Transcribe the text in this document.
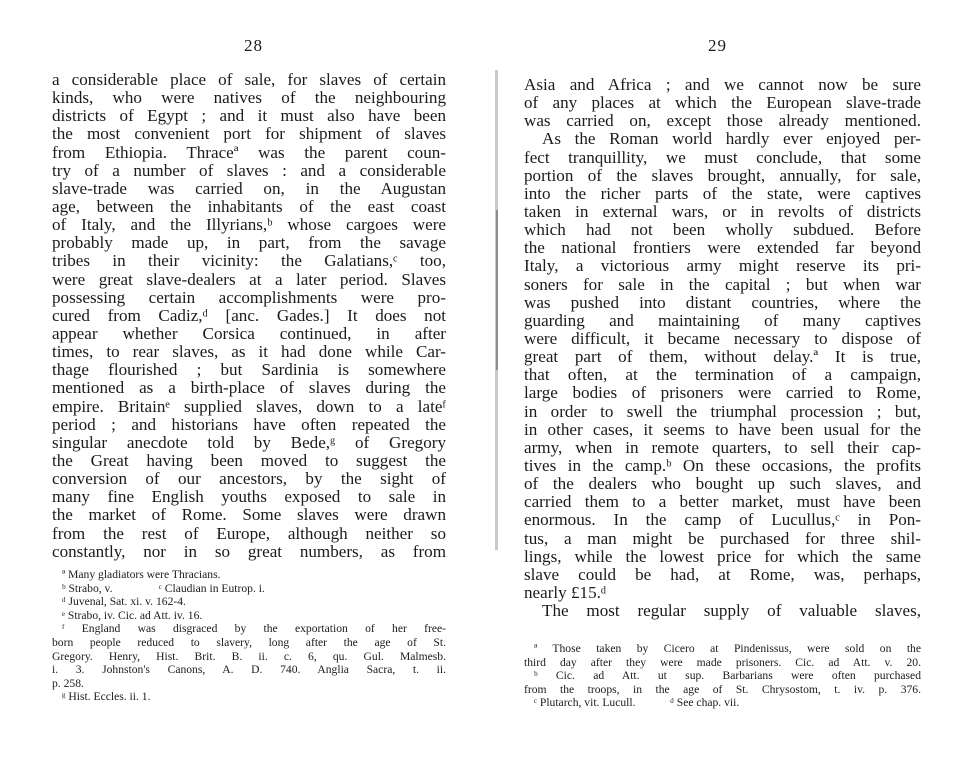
28
a considerable place of sale, for slaves of certain
kinds, who were natives of the neighbouring
districts of Egypt ; and it must also have been
the most convenient port for shipment of slaves
from Ethiopia. Thraceª was the parent coun-
try of a number of slaves : and a considerable
slave-trade was carried on, in the Augustan
age, between the inhabitants of the east coast
of Italy, and the Illyrians,ᵇ whose cargoes were
probably made up, in part, from the savage
tribes in their vicinity: the Galatians,ᶜ too,
were great slave-dealers at a later period. Slaves
possessing certain accomplishments were pro-
cured from Cadiz,ᵈ [anc. Gades.] It does not
appear whether Corsica continued, in after
times, to rear slaves, as it had done while Car-
thage flourished ; but Sardinia is somewhere
mentioned as a birth-place of slaves during the
empire. Britainᵉ supplied slaves, down to a lateᶠ
period ; and historians have often repeated the
singular anecdote told by Bede,ᵍ of Gregory
the Great having been moved to suggest the
conversion of our ancestors, by the sight of
many fine English youths exposed to sale in
the market of Rome. Some slaves were drawn
from the rest of Europe, although neither so
constantly, nor in so great numbers, as from
ª Many gladiators were Thracians.
ᵇ Strabo, v.                ᶜ Claudian in Eutrop. i.
ᵈ Juvenal, Sat. xi. v. 162-4.
ᵉ Strabo, iv. Cic. ad Att. iv. 16.
ᶠ England was disgraced by the exportation of her free-
born people reduced to slavery, long after the age of St.
Gregory. Henry, Hist. Brit. B. ii. c. 6, qu. Gul. Malmesb.
i. 3. Johnston's Canons, A. D. 740. Anglia Sacra, t. ii.
p. 258.
ᵍ Hist. Eccles. ii. 1.
29
Asia and Africa ; and we cannot now be sure
of any places at which the European slave-trade
was carried on, except those already mentioned.
As the Roman world hardly ever enjoyed per-
fect tranquillity, we must conclude, that some
portion of the slaves brought, annually, for sale,
into the richer parts of the state, were captives
taken in external wars, or in revolts of districts
which had not been wholly subdued. Before
the national frontiers were extended far beyond
Italy, a victorious army might reserve its pri-
soners for sale in the capital ; but when war
was pushed into distant countries, where the
guarding and maintaining of many captives
were difficult, it became necessary to dispose of
great part of them, without delay.ª It is true,
that often, at the termination of a campaign,
large bodies of prisoners were carried to Rome,
in order to swell the triumphal procession ; but,
in other cases, it seems to have been usual for the
army, when in remote quarters, to sell their cap-
tives in the camp.ᵇ On these occasions, the profits
of the dealers who bought up such slaves, and
carried them to a better market, must have been
enormous. In the camp of Lucullus,ᶜ in Pon-
tus, a man might be purchased for three shil-
lings, while the lowest price for which the same
slave could be had, at Rome, was, perhaps,
nearly £15.ᵈ
The most regular supply of valuable slaves,
ª Those taken by Cicero at Pindenissus, were sold on the
third day after they were made prisoners. Cic. ad Att. v. 20.
ᵇ Cic. ad Att. ut sup. Barbarians were often purchased
from the troops, in the age of St. Chrysostom, t. iv. p. 376.
ᶜ Plutarch, vit. Lucull.            ᵈ See chap. vii.
